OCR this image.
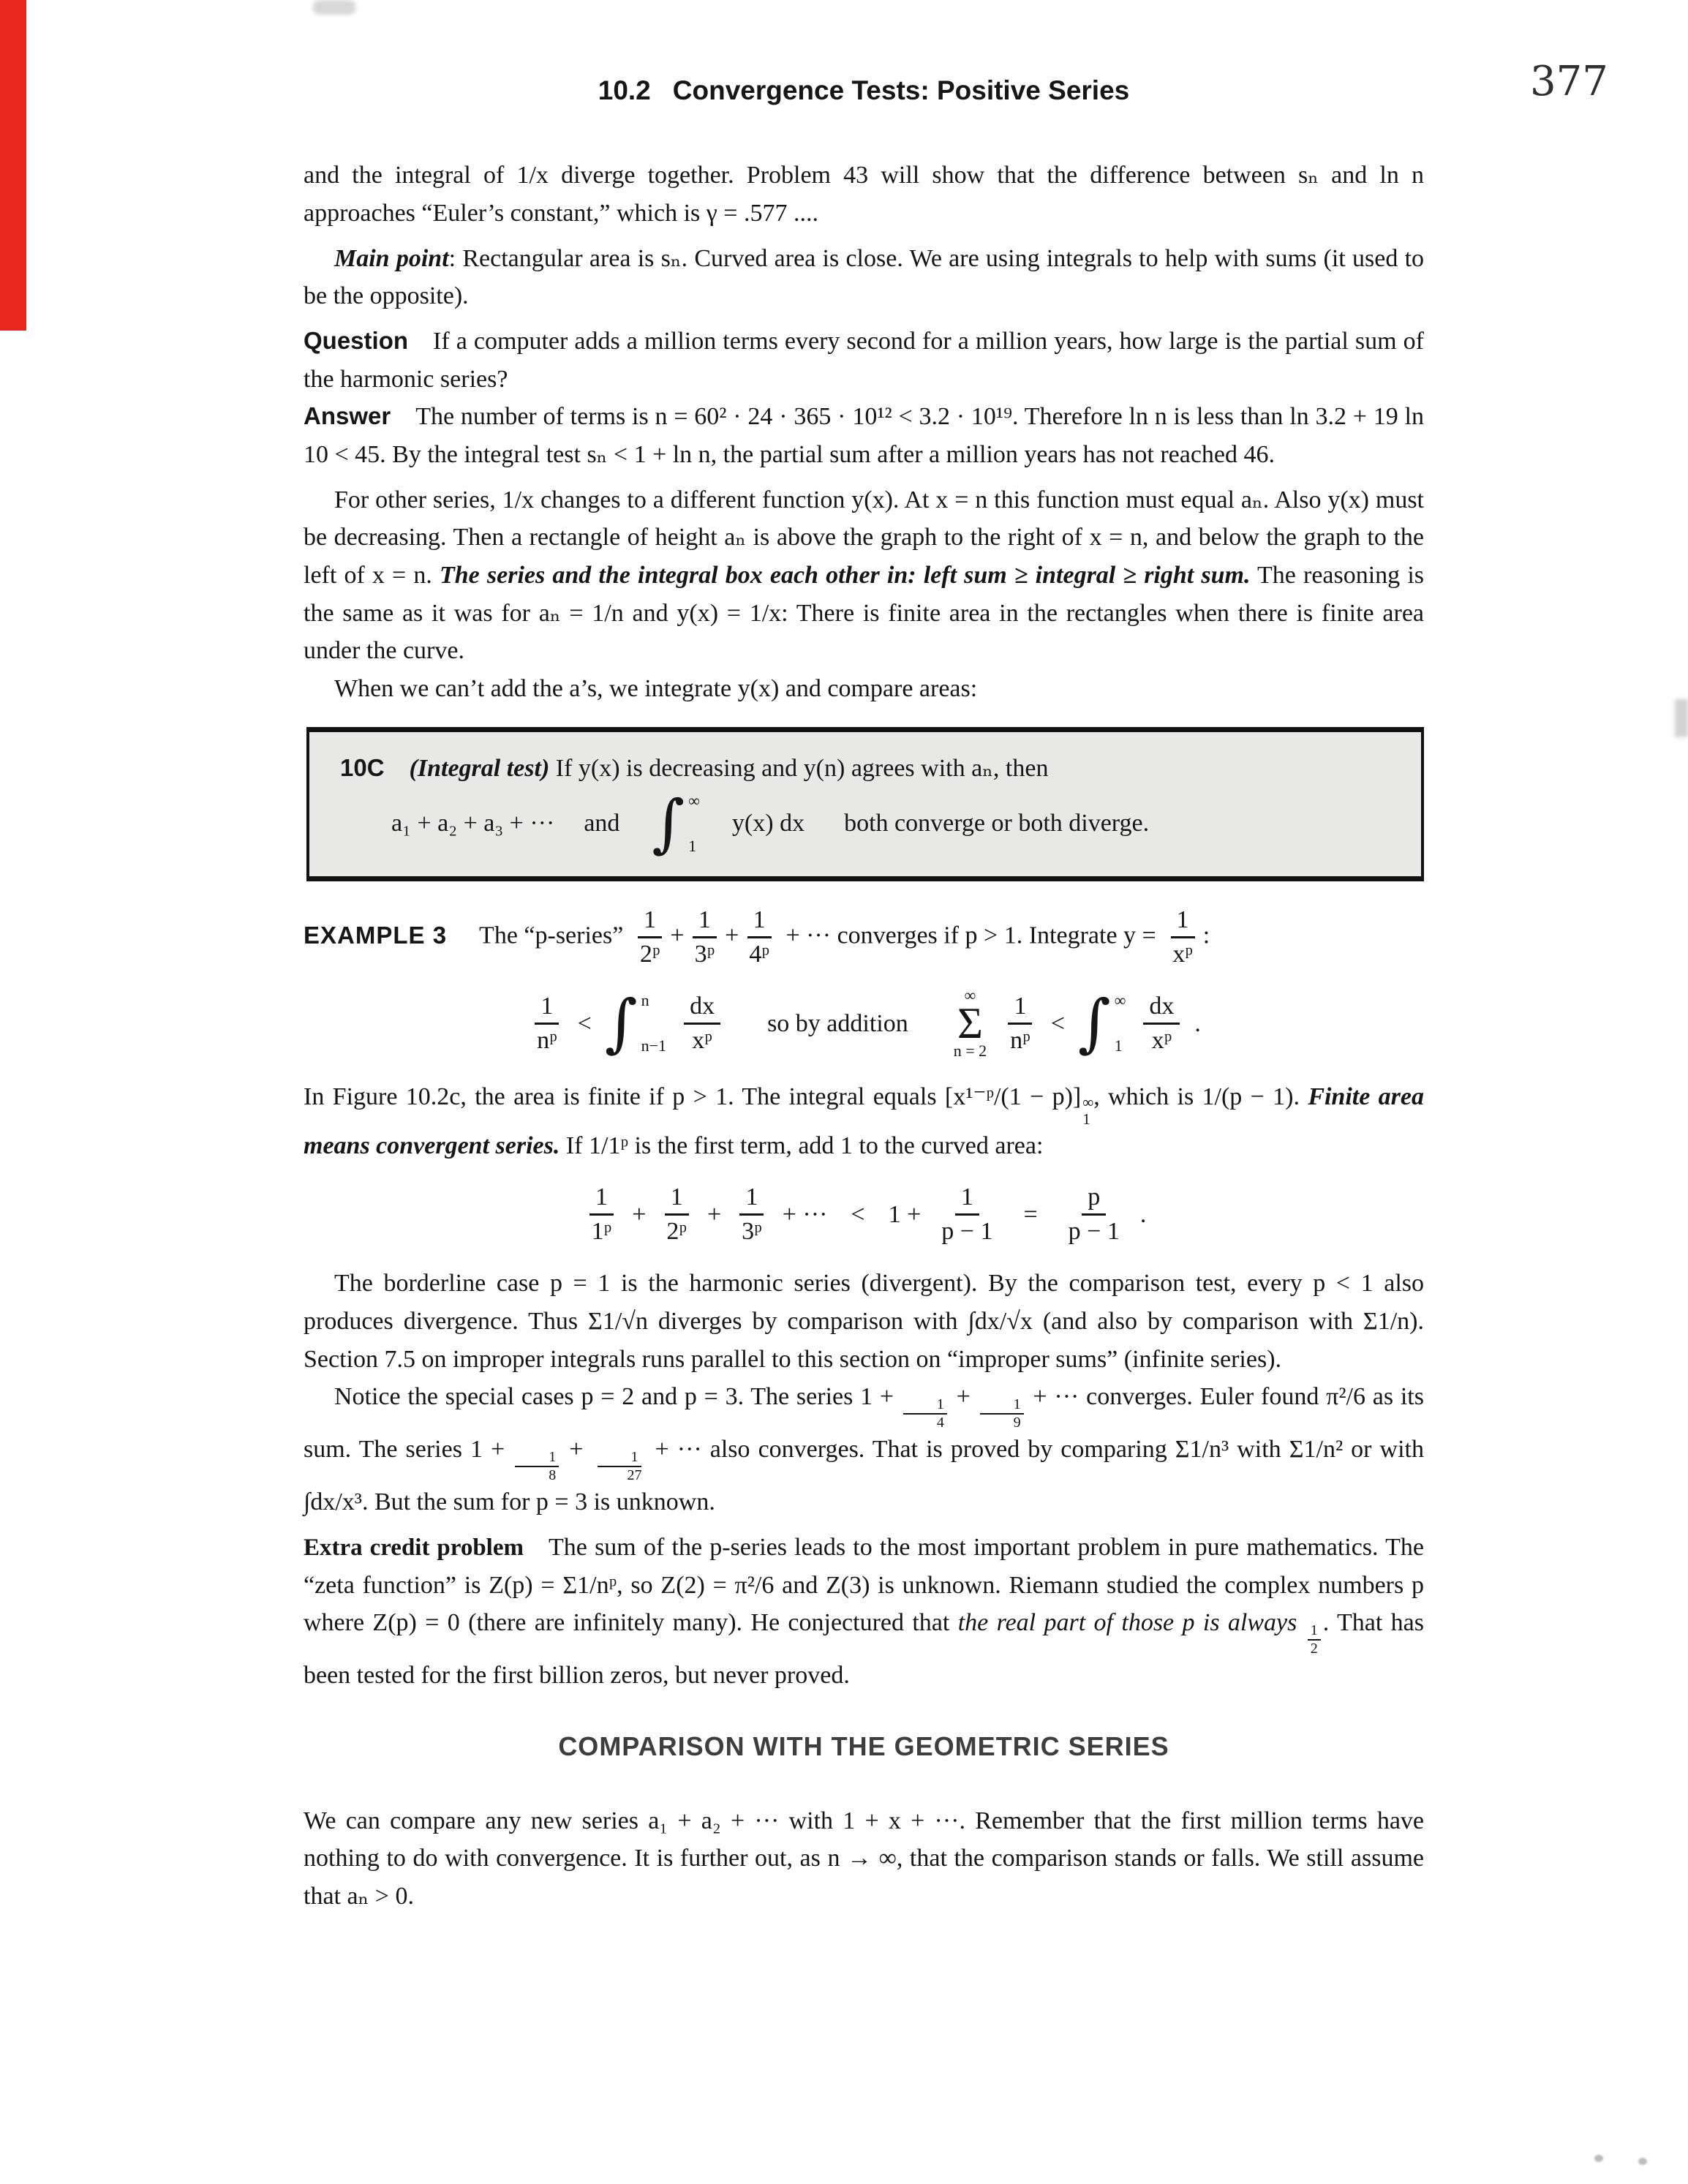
377
10.2 Convergence Tests: Positive Series

and the integral of 1/x diverge together. Problem 43 will show that the difference between sₙ and ln n approaches “Euler’s constant,” which is γ = .577 ....

Main point: Rectangular area is sₙ. Curved area is close. We are using integrals to help with sums (it used to be the opposite).

Question If a computer adds a million terms every second for a million years, how large is the partial sum of the harmonic series?

Answer The number of terms is n = 60² · 24 · 365 · 10¹² < 3.2 · 10¹⁹. Therefore ln n is less than ln 3.2 + 19 ln 10 < 45. By the integral test sₙ < 1 + ln n, the partial sum after a million years has not reached 46.

For other series, 1/x changes to a different function y(x). At x = n this function must equal aₙ. Also y(x) must be decreasing. Then a rectangle of height aₙ is above the graph to the right of x = n, and below the graph to the left of x = n. The series and the integral box each other in: left sum ≥ integral ≥ right sum. The reasoning is the same as it was for aₙ = 1/n and y(x) = 1/x: There is finite area in the rectangles when there is finite area under the curve.

When we can’t add the a’s, we integrate y(x) and compare areas:

10C (Integral test) If y(x) is decreasing and y(n) agrees with aₙ, then

a₁ + a₂ + a₃ + ··· and ∫ ∞
1
y(x) dx both converge or both diverge.

EXAMPLE 3 The “p-series” $\frac{1}{\text{2ᵖ}} + \frac{1}{\text{3ᵖ}} + \frac{1}{\text{4ᵖ}}$ + ··· converges if p > 1. Integrate $y = \frac{1}{\text{xᵖ}}$ :

$\frac{1}{\text{nᵖ}}$ < ∫ n
$n-1 \frac{dx}{\text{xᵖ}}$ so by addition
∞
Σ
$n = 2 \frac{1}{\text{nᵖ}}$ < ∫ ∞
$1 \frac{dx}{\text{xᵖ}}$ .

In Figure 10.2c, the area is finite if p > 1. The integral equals [x¹⁻ᵖ/(1 − p)] ∞
1
, which is 1/(p − 1). Finite area means convergent series. If 1/1ᵖ is the first term, add 1 to the curved area:

$\frac{1}{\text{1ᵖ}} + \frac{1}{\text{2ᵖ}} + \frac{1}{\text{3ᵖ}}$ + ··· < $1 + \frac{1}{p - 1} = \frac{p}{p - 1}$ .

The borderline case p = 1 is the harmonic series (divergent). By the comparison test, every p < 1 also produces divergence. Thus Σ1/√n diverges by comparison with ∫dx/√x (and also by comparison with Σ1/n). Section 7.5 on improper integrals runs parallel to this section on “improper sums” (infinite series).

Notice the special cases p = 2 and p = 3. The series 1 +
$\frac{1}{4}$
+
$\frac{1}{9}$
+ ··· converges. Euler found π²/6 as its sum. The series 1 +
$\frac{1}{8}$
+
$\frac{1}{27}$
+ ··· also converges. That is proved by comparing Σ1/n³ with Σ1/n² or with ∫dx/x³. But the sum for p = 3 is unknown.

Extra credit problem The sum of the p-series leads to the most important problem in pure mathematics. The “zeta function” is Z(p) = Σ1/nᵖ, so Z(2) = π²/6 and Z(3) is unknown. Riemann studied the complex numbers p where Z(p) = 0 (there are infinitely many). He conjectured that the real part of those p is always
$\frac{1}{2}$
. That has been tested for the first billion zeros, but never proved.

COMPARISON WITH THE GEOMETRIC SERIES

We can compare any new series a₁ + a₂ + ··· with 1 + x + ···. Remember that the first million terms have nothing to do with convergence. It is further out, as n → ∞, that the comparison stands or falls. We still assume that aₙ > 0.
